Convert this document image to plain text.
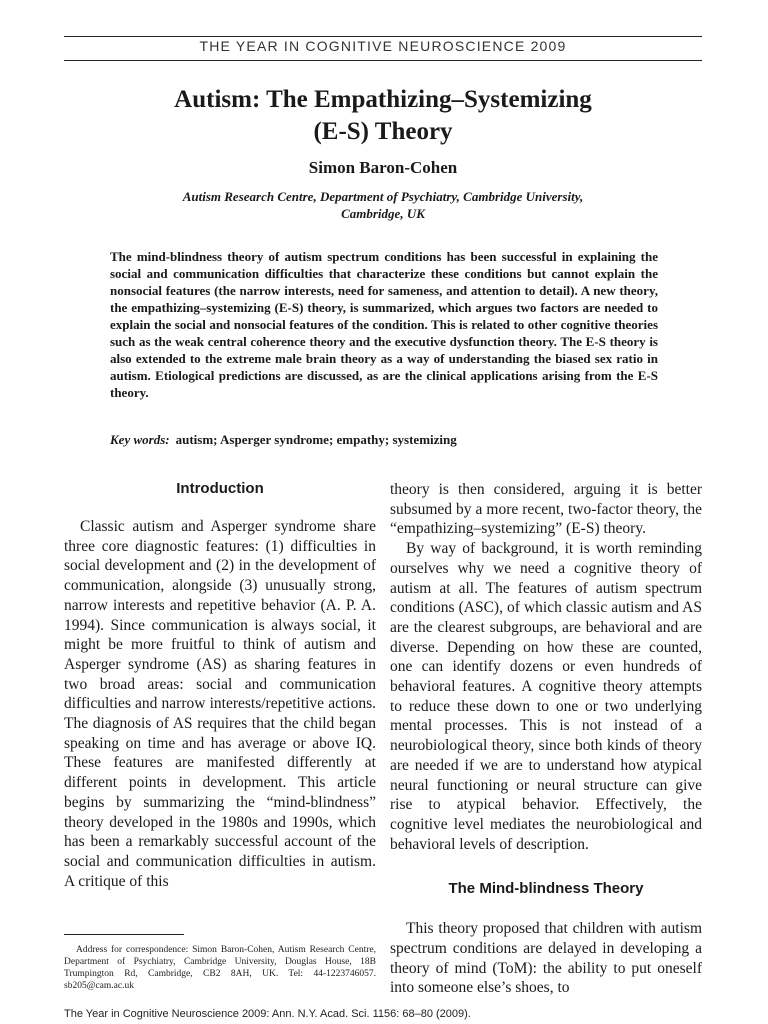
THE YEAR IN COGNITIVE NEUROSCIENCE 2009
Autism: The Empathizing–Systemizing
(E-S) Theory
Simon Baron-Cohen
Autism Research Centre, Department of Psychiatry, Cambridge University,
Cambridge, UK
The mind-blindness theory of autism spectrum conditions has been successful in explaining the social and communication difficulties that characterize these conditions but cannot explain the nonsocial features (the narrow interests, need for sameness, and attention to detail). A new theory, the empathizing–systemizing (E-S) theory, is summarized, which argues two factors are needed to explain the social and nonsocial features of the condition. This is related to other cognitive theories such as the weak central coherence theory and the executive dysfunction theory. The E-S theory is also extended to the extreme male brain theory as a way of understanding the biased sex ratio in autism. Etiological predictions are discussed, as are the clinical applications arising from the E-S theory.
Key words: autism; Asperger syndrome; empathy; systemizing
Introduction

Classic autism and Asperger syndrome share three core diagnostic features: (1) difficulties in social development and (2) in the development of communication, alongside (3) unusually strong, narrow interests and repetitive behavior (A. P. A. 1994). Since communication is always social, it might be more fruitful to think of autism and Asperger syndrome (AS) as sharing features in two broad areas: social and communication difficulties and narrow interests/repetitive actions. The diagnosis of AS requires that the child began speaking on time and has average or above IQ. These features are manifested differently at different points in development. This article begins by summarizing the “mind-blindness” theory developed in the 1980s and 1990s, which has been a remarkably successful account of the social and communication difficulties in autism. A critique of this

theory is then considered, arguing it is better subsumed by a more recent, two-factor theory, the “empathizing–systemizing” (E-S) theory.

By way of background, it is worth reminding ourselves why we need a cognitive theory of autism at all. The features of autism spectrum conditions (ASC), of which classic autism and AS are the clearest subgroups, are behavioral and are diverse. Depending on how these are counted, one can identify dozens or even hundreds of behavioral features. A cognitive theory attempts to reduce these down to one or two underlying mental processes. This is not instead of a neurobiological theory, since both kinds of theory are needed if we are to understand how atypical neural functioning or neural structure can give rise to atypical behavior. Effectively, the cognitive level mediates the neurobiological and behavioral levels of description.

The Mind-blindness Theory

This theory proposed that children with autism spectrum conditions are delayed in developing a theory of mind (ToM): the ability to put oneself into someone else’s shoes, to

Address for correspondence: Simon Baron-Cohen, Autism Research Centre, Department of Psychiatry, Cambridge University, Douglas House, 18B Trumpington Rd, Cambridge, CB2 8AH, UK. Tel: 44-1223746057. sb205@cam.ac.uk
The Year in Cognitive Neuroscience 2009: Ann. N.Y. Acad. Sci. 1156: 68–80 (2009).
